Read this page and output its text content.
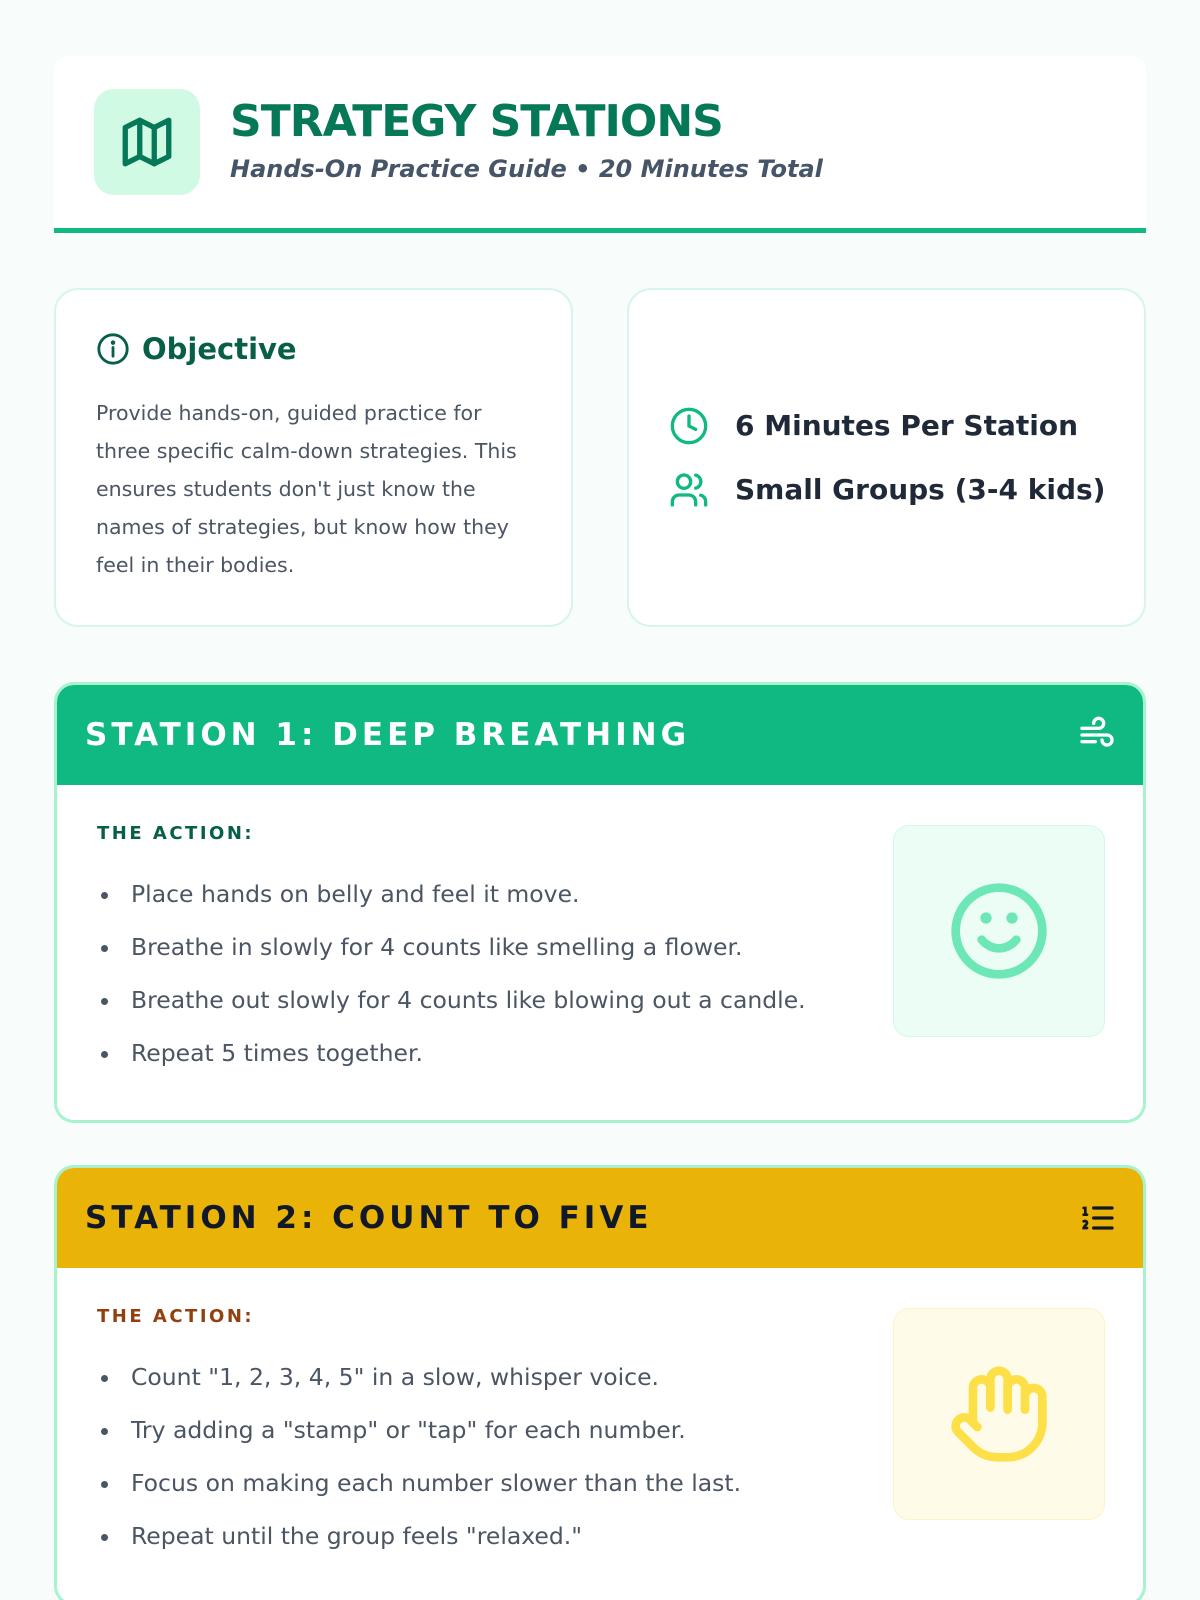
STRATEGY STATIONS
Hands-On Practice Guide • 20 Minutes Total
Objective
Provide hands-on, guided practice for three specific calm-down strategies. This ensures students don't just know the names of strategies, but know how they feel in their bodies.
6 Minutes Per Station
Small Groups (3-4 kids)
STATION 1: DEEP BREATHING
THE ACTION:
Place hands on belly and feel it move.
Breathe in slowly for 4 counts like smelling a flower.
Breathe out slowly for 4 counts like blowing out a candle.
Repeat 5 times together.
STATION 2: COUNT TO FIVE
THE ACTION:
Count "1, 2, 3, 4, 5" in a slow, whisper voice.
Try adding a "stamp" or "tap" for each number.
Focus on making each number slower than the last.
Repeat until the group feels "relaxed."
